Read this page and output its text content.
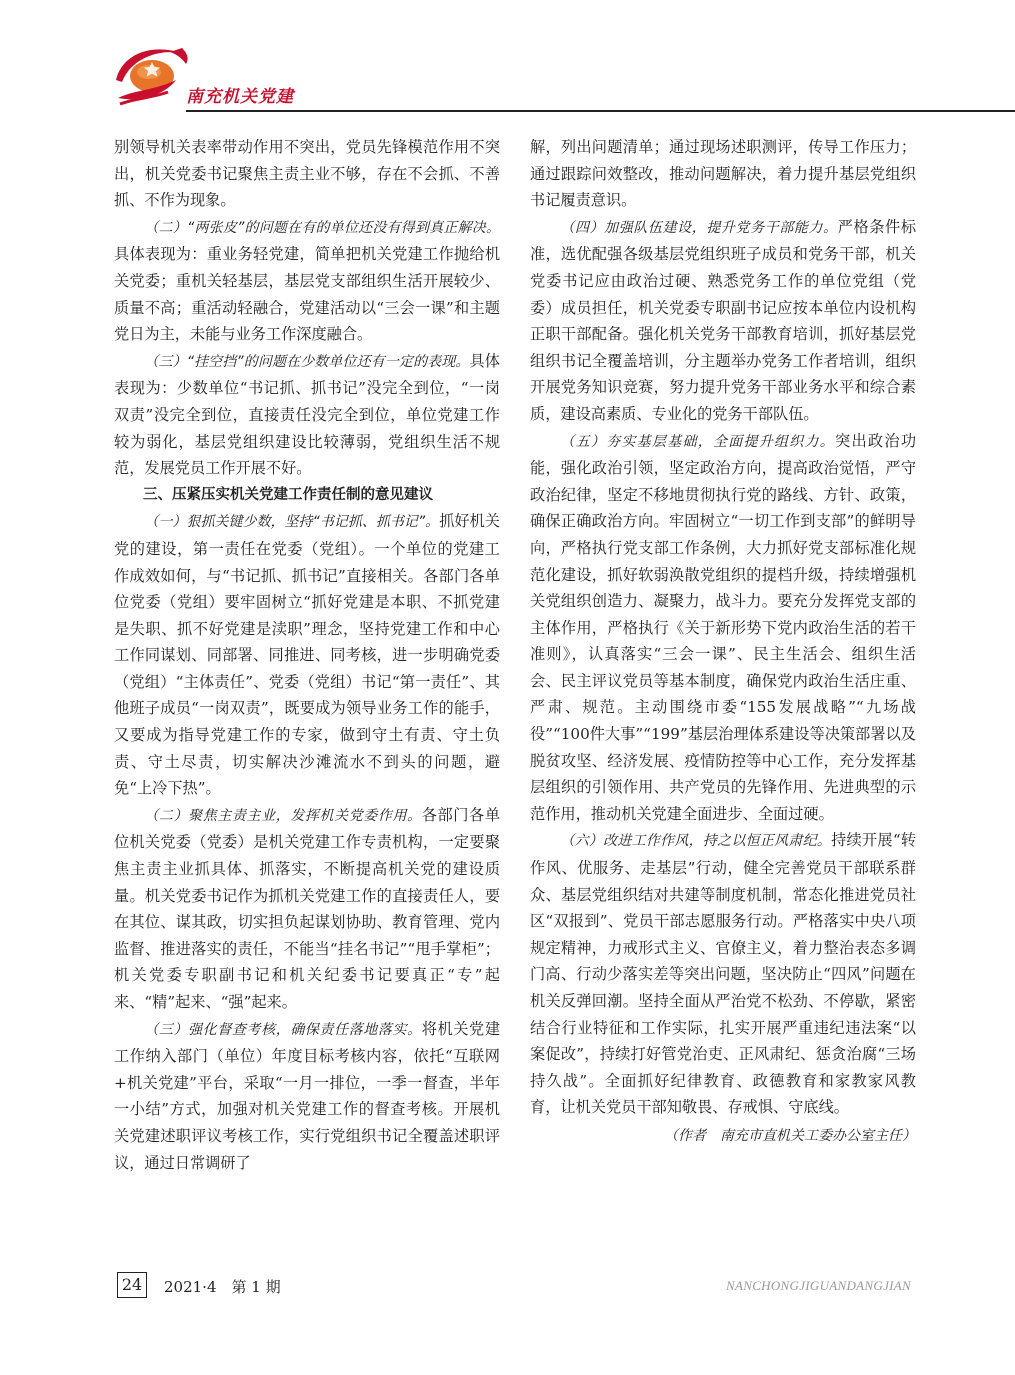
南充机关党建

别领导机关表率带动作用不突出，党员先锋模范作用不突出，机关党委书记聚焦主责主业不够，存在不会抓、不善抓、不作为现象。

（二）“两张皮”的问题在有的单位还没有得到真正解决。具体表现为：重业务轻党建，简单把机关党建工作抛给机关党委；重机关轻基层，基层党支部组织生活开展较少、质量不高；重活动轻融合，党建活动以“三会一课”和主题党日为主，未能与业务工作深度融合。

（三）“挂空挡”的问题在少数单位还有一定的表现。具体表现为：少数单位“书记抓、抓书记”没完全到位，“一岗双责”没完全到位，直接责任没完全到位，单位党建工作较为弱化，基层党组织建设比较薄弱，党组织生活不规范，发展党员工作开展不好。

三、压紧压实机关党建工作责任制的意见建议

（一）狠抓关键少数，坚持“书记抓、抓书记”。抓好机关党的建设，第一责任在党委（党组）。一个单位的党建工作成效如何，与“书记抓、抓书记”直接相关。各部门各单位党委（党组）要牢固树立“抓好党建是本职、不抓党建是失职、抓不好党建是渎职”理念，坚持党建工作和中心工作同谋划、同部署、同推进、同考核，进一步明确党委（党组）“主体责任”、党委（党组）书记“第一责任”、其他班子成员“一岗双责”，既要成为领导业务工作的能手，又要成为指导党建工作的专家，做到守土有责、守土负责、守土尽责，切实解决沙滩流水不到头的问题，避免“上冷下热”。

（二）聚焦主责主业，发挥机关党委作用。各部门各单位机关党委（党委）是机关党建工作专责机构，一定要聚焦主责主业抓具体、抓落实，不断提高机关党的建设质量。机关党委书记作为抓机关党建工作的直接责任人，要在其位、谋其政，切实担负起谋划协助、教育管理、党内监督、推进落实的责任，不能当“挂名书记”“甩手掌柜”；机关党委专职副书记和机关纪委书记要真正“专”起来、“精”起来、“强”起来。

（三）强化督查考核，确保责任落地落实。将机关党建工作纳入部门（单位）年度目标考核内容，依托“互联网+机关党建”平台，采取“一月一排位，一季一督查，半年一小结”方式，加强对机关党建工作的督查考核。开展机关党建述职评议考核工作，实行党组织书记全覆盖述职评议，通过日常调研了

解，列出问题清单；通过现场述职测评，传导工作压力；通过跟踪问效整改，推动问题解决，着力提升基层党组织书记履责意识。

（四）加强队伍建设，提升党务干部能力。严格条件标准，选优配强各级基层党组织班子成员和党务干部，机关党委书记应由政治过硬、熟悉党务工作的单位党组（党委）成员担任，机关党委专职副书记应按本单位内设机构正职干部配备。强化机关党务干部教育培训，抓好基层党组织书记全覆盖培训，分主题举办党务工作者培训，组织开展党务知识竞赛，努力提升党务干部业务水平和综合素质，建设高素质、专业化的党务干部队伍。

（五）夯实基层基础，全面提升组织力。突出政治功能，强化政治引领，坚定政治方向，提高政治觉悟，严守政治纪律，坚定不移地贯彻执行党的路线、方针、政策，确保正确政治方向。牢固树立“一切工作到支部”的鲜明导向，严格执行党支部工作条例，大力抓好党支部标准化规范化建设，抓好软弱涣散党组织的提档升级，持续增强机关党组织创造力、凝聚力，战斗力。要充分发挥党支部的主体作用，严格执行《关于新形势下党内政治生活的若干准则》，认真落实“三会一课”、民主生活会、组织生活会、民主评议党员等基本制度，确保党内政治生活庄重、严肃、规范。主动围绕市委“155发展战略”“九场战役”“100件大事”“199”基层治理体系建设等决策部署以及脱贫攻坚、经济发展、疫情防控等中心工作，充分发挥基层组织的引领作用、共产党员的先锋作用、先进典型的示范作用，推动机关党建全面进步、全面过硬。

（六）改进工作作风，持之以恒正风肃纪。持续开展“转作风、优服务、走基层”行动，健全完善党员干部联系群众、基层党组织结对共建等制度机制，常态化推进党员社区“双报到”、党员干部志愿服务行动。严格落实中央八项规定精神，力戒形式主义、官僚主义，着力整治表态多调门高、行动少落实差等突出问题，坚决防止“四风”问题在机关反弹回潮。坚持全面从严治党不松劲、不停歇，紧密结合行业特征和工作实际，扎实开展严重违纪违法案“以案促改”，持续打好管党治吏、正风肃纪、惩贪治腐“三场持久战”。全面抓好纪律教育、政德教育和家教家风教育，让机关党员干部知敬畏、存戒惧、守底线。

（作者　南充市直机关工委办公室主任）

24	2021·4　第 1 期	NANCHONGJIGUANDANGJIAN
